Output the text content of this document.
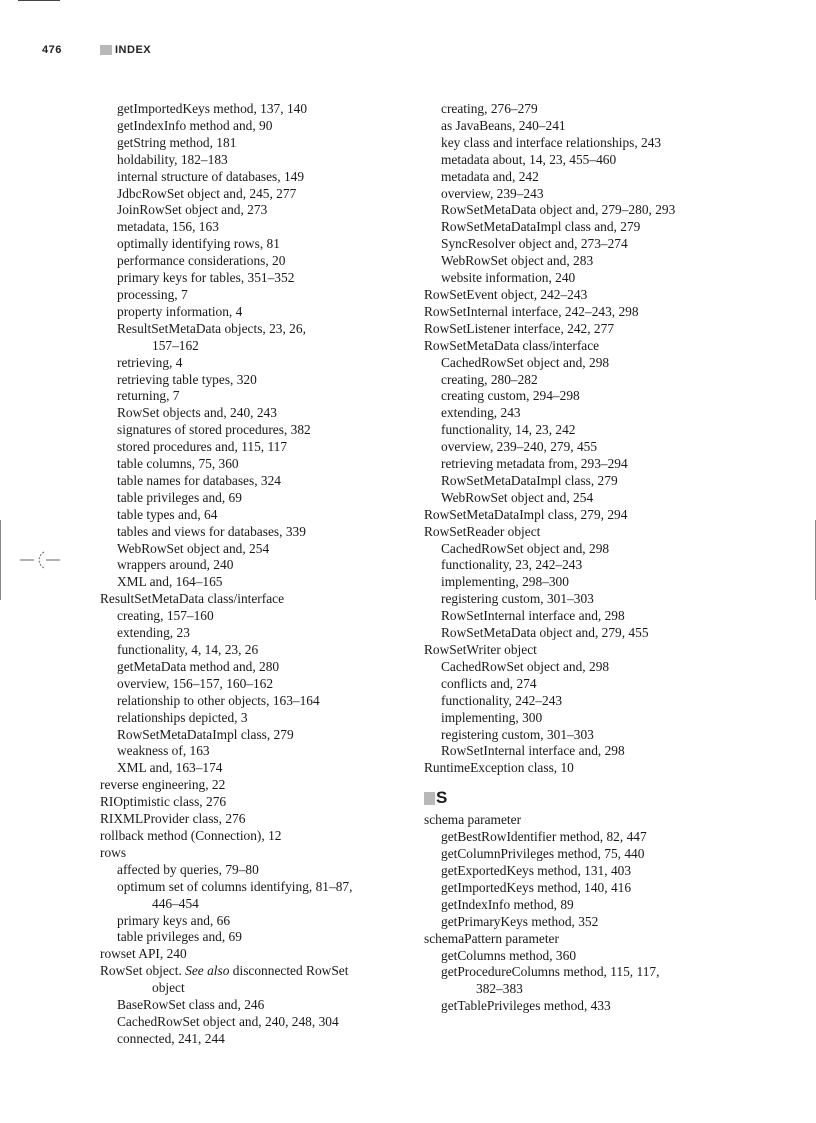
476	INDEX
getImportedKeys method, 137, 140
getIndexInfo method and, 90
getString method, 181
holdability, 182–183
internal structure of databases, 149
JdbcRowSet object and, 245, 277
JoinRowSet object and, 273
metadata, 156, 163
optimally identifying rows, 81
performance considerations, 20
primary keys for tables, 351–352
processing, 7
property information, 4
ResultSetMetaData objects, 23, 26,
157–162
retrieving, 4
retrieving table types, 320
returning, 7
RowSet objects and, 240, 243
signatures of stored procedures, 382
stored procedures and, 115, 117
table columns, 75, 360
table names for databases, 324
table privileges and, 69
table types and, 64
tables and views for databases, 339
WebRowSet object and, 254
wrappers around, 240
XML and, 164–165
ResultSetMetaData class/interface
creating, 157–160
extending, 23
functionality, 4, 14, 23, 26
getMetaData method and, 280
overview, 156–157, 160–162
relationship to other objects, 163–164
relationships depicted, 3
RowSetMetaDataImpl class, 279
weakness of, 163
XML and, 163–174
reverse engineering, 22
RIOptimistic class, 276
RIXMLProvider class, 276
rollback method (Connection), 12
rows
affected by queries, 79–80
optimum set of columns identifying, 81–87,
446–454
primary keys and, 66
table privileges and, 69
rowset API, 240
RowSet object. See also disconnected RowSet
object
BaseRowSet class and, 246
CachedRowSet object and, 240, 248, 304
connected, 241, 244
creating, 276–279
as JavaBeans, 240–241
key class and interface relationships, 243
metadata about, 14, 23, 455–460
metadata and, 242
overview, 239–243
RowSetMetaData object and, 279–280, 293
RowSetMetaDataImpl class and, 279
SyncResolver object and, 273–274
WebRowSet object and, 283
website information, 240
RowSetEvent object, 242–243
RowSetInternal interface, 242–243, 298
RowSetListener interface, 242, 277
RowSetMetaData class/interface
CachedRowSet object and, 298
creating, 280–282
creating custom, 294–298
extending, 243
functionality, 14, 23, 242
overview, 239–240, 279, 455
retrieving metadata from, 293–294
RowSetMetaDataImpl class, 279
WebRowSet object and, 254
RowSetMetaDataImpl class, 279, 294
RowSetReader object
CachedRowSet object and, 298
functionality, 23, 242–243
implementing, 298–300
registering custom, 301–303
RowSetInternal interface and, 298
RowSetMetaData object and, 279, 455
RowSetWriter object
CachedRowSet object and, 298
conflicts and, 274
functionality, 242–243
implementing, 300
registering custom, 301–303
RowSetInternal interface and, 298
RuntimeException class, 10
S
schema parameter
getBestRowIdentifier method, 82, 447
getColumnPrivileges method, 75, 440
getExportedKeys method, 131, 403
getImportedKeys method, 140, 416
getIndexInfo method, 89
getPrimaryKeys method, 352
schemaPattern parameter
getColumns method, 360
getProcedureColumns method, 115, 117,
382–383
getTablePrivileges method, 433
